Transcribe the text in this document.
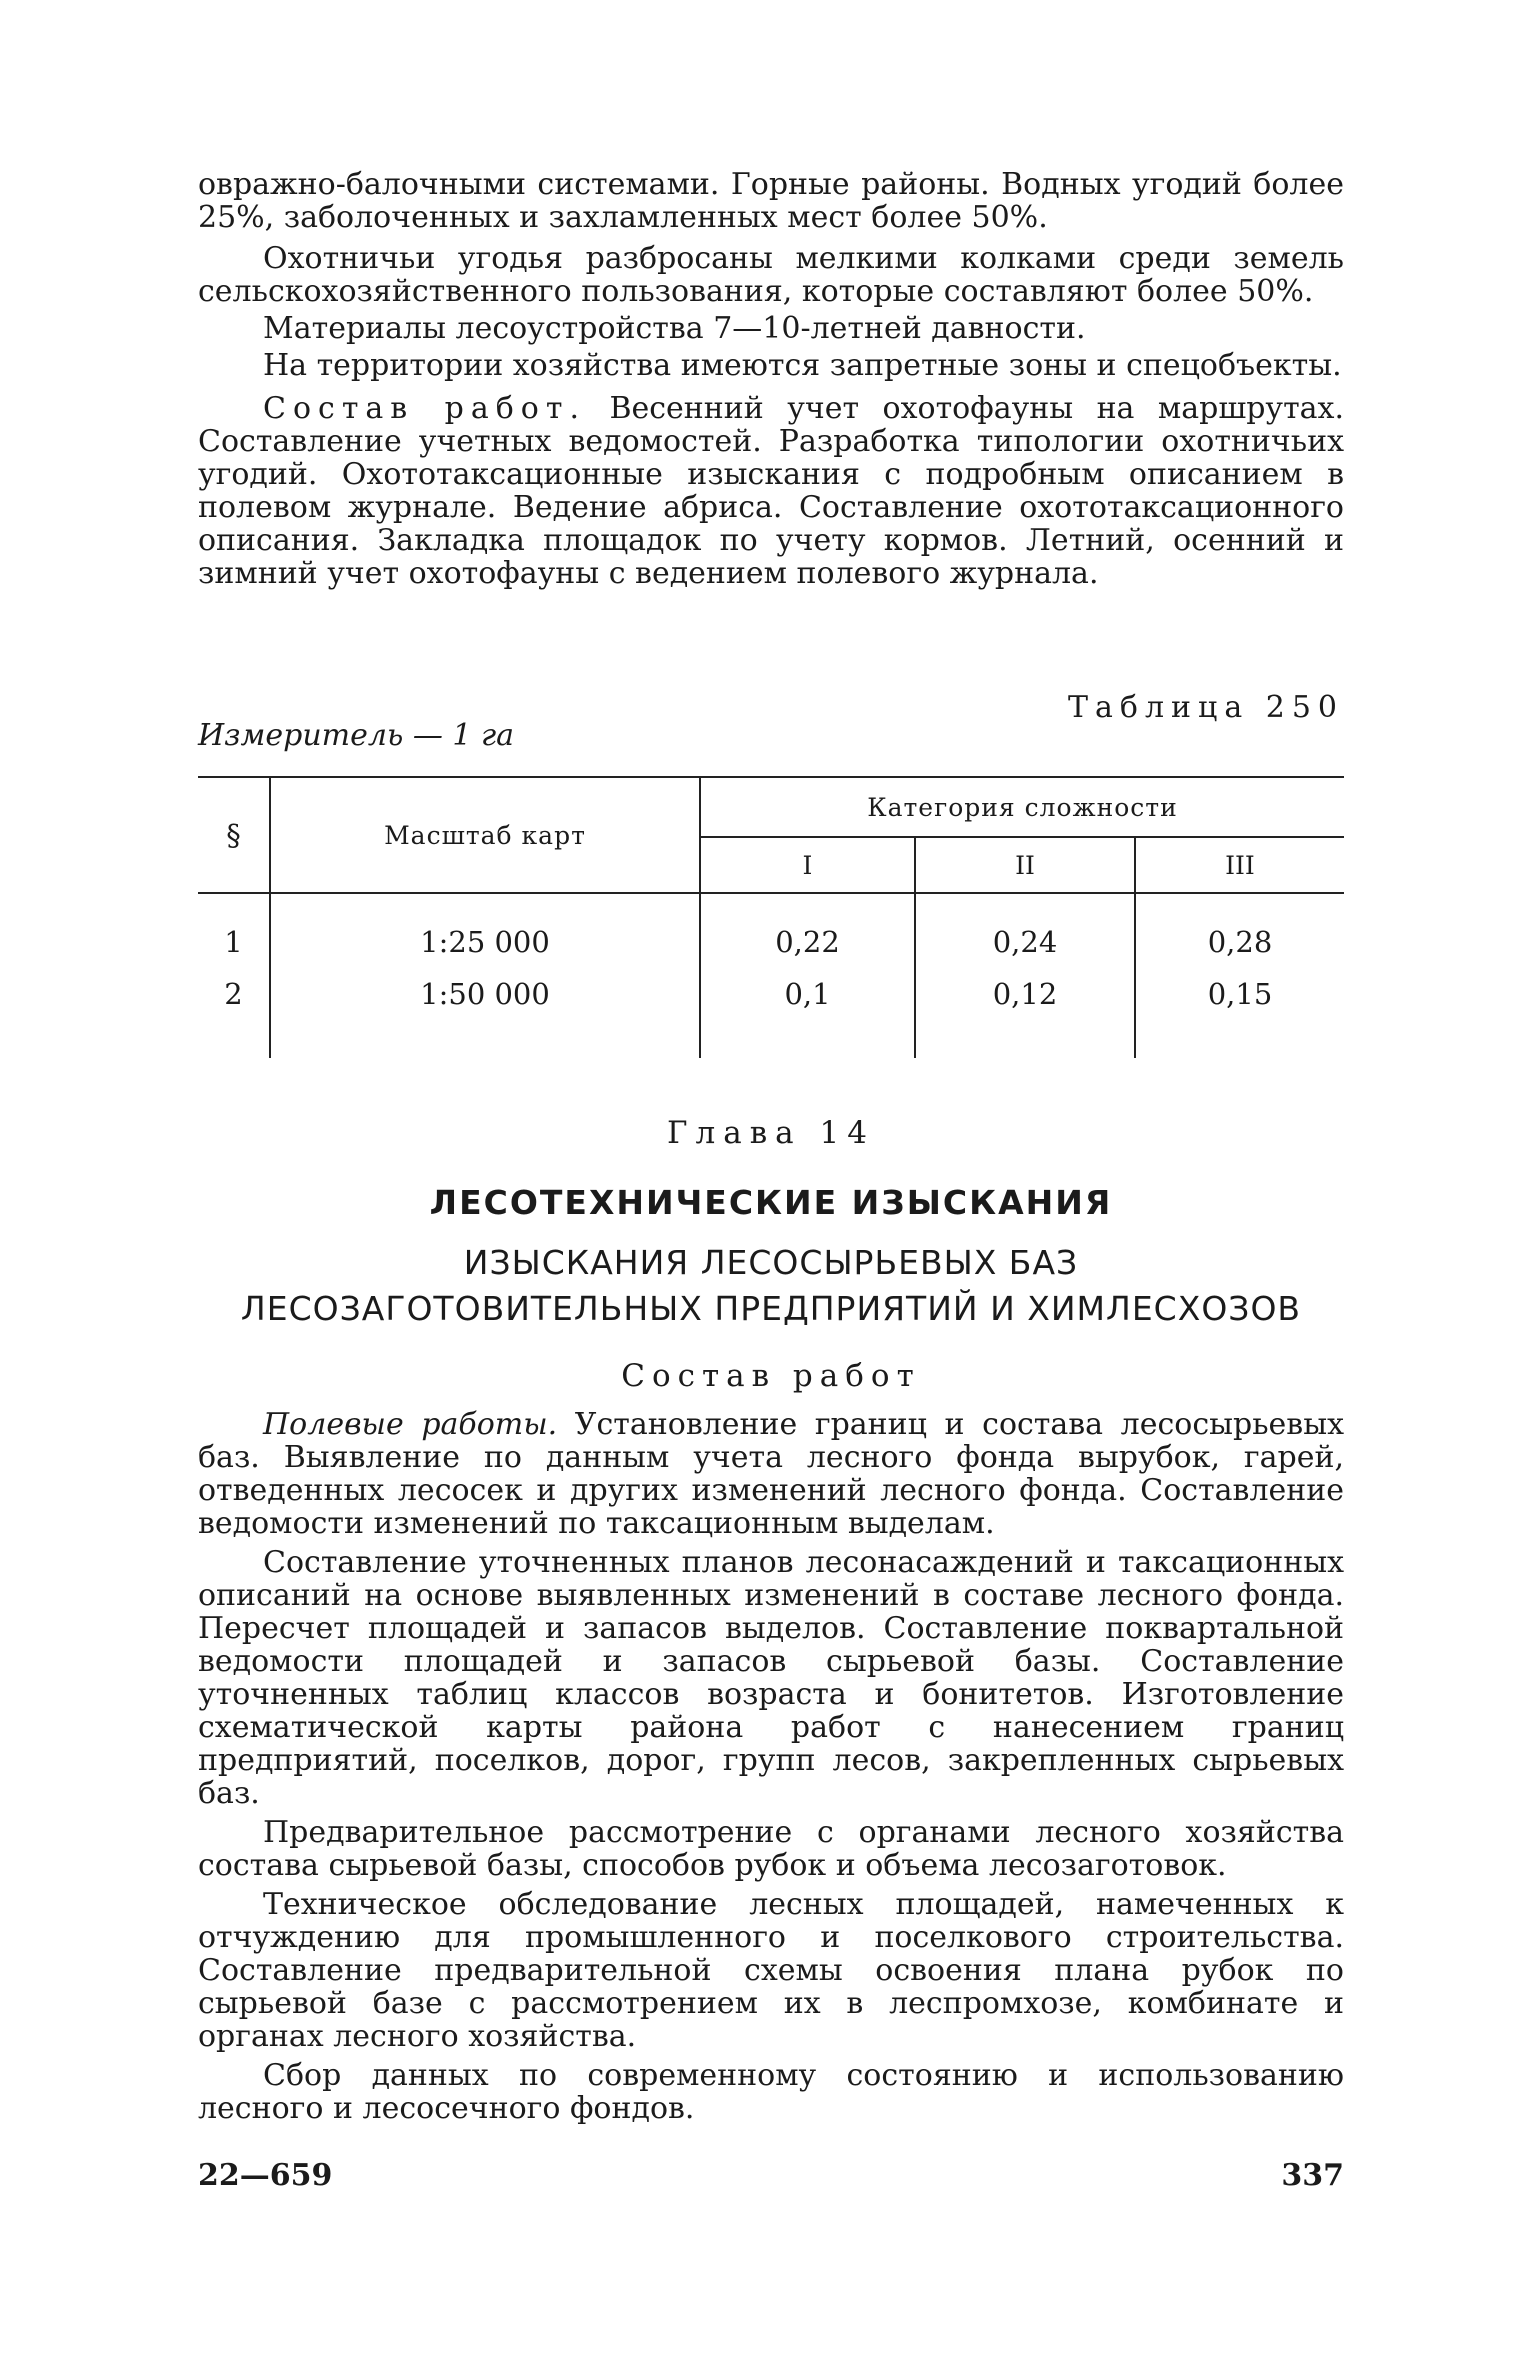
овражно-балочными системами. Горные районы. Водных угодий более 25%, заболоченных и захламленных мест более 50%.

Охотничьи угодья разбросаны мелкими колками среди земель сельскохозяйственного пользования, которые составляют более 50%.

Материалы лесоустройства 7—10-летней давности.

На территории хозяйства имеются запретные зоны и спецобъекты.

Состав работ. Весенний учет охотофауны на маршрутах. Составление учетных ведомостей. Разработка типологии охотничьих угодий. Охототаксационные изыскания с подробным описанием в полевом журнале. Ведение абриса. Составление охототаксационного описания. Закладка площадок по учету кормов. Летний, осенний и зимний учет охотофауны с ведением полевого журнала.

Измеритель — 1 га
Таблица 250
§	Масштаб карт	Категория сложности		
		I	II	III
1	1:25 000	0,22	0,24	0,28
2	1:50 000	0,1	0,12	0,15
Глава 14
ЛЕСОТЕХНИЧЕСКИЕ ИЗЫСКАНИЯ
ИЗЫСКАНИЯ ЛЕСОСЫРЬЕВЫХ БАЗ
ЛЕСОЗАГОТОВИТЕЛЬНЫХ ПРЕДПРИЯТИЙ И ХИМЛЕСХОЗОВ
Состав работ

Полевые работы. Установление границ и состава лесосырьевых баз. Выявление по данным учета лесного фонда вырубок, гарей, отведенных лесосек и других изменений лесного фонда. Составление ведомости изменений по таксационным выделам.

Составление уточненных планов лесонасаждений и таксационных описаний на основе выявленных изменений в составе лесного фонда. Пересчет площадей и запасов выделов. Составление поквартальной ведомости площадей и запасов сырьевой базы. Составление уточненных таблиц классов возраста и бонитетов. Изготовление схематической карты района работ с нанесением границ предприятий, поселков, дорог, групп лесов, закрепленных сырьевых баз.

Предварительное рассмотрение с органами лесного хозяйства состава сырьевой базы, способов рубок и объема лесозаготовок.

Техническое обследование лесных площадей, намеченных к отчуждению для промышленного и поселкового строительства. Составление предварительной схемы освоения плана рубок по сырьевой базе с рассмотрением их в леспромхозе, комбинате и органах лесного хозяйства.

Сбор данных по современному состоянию и использованию лесного и лесосечного фондов.

22—659	337
